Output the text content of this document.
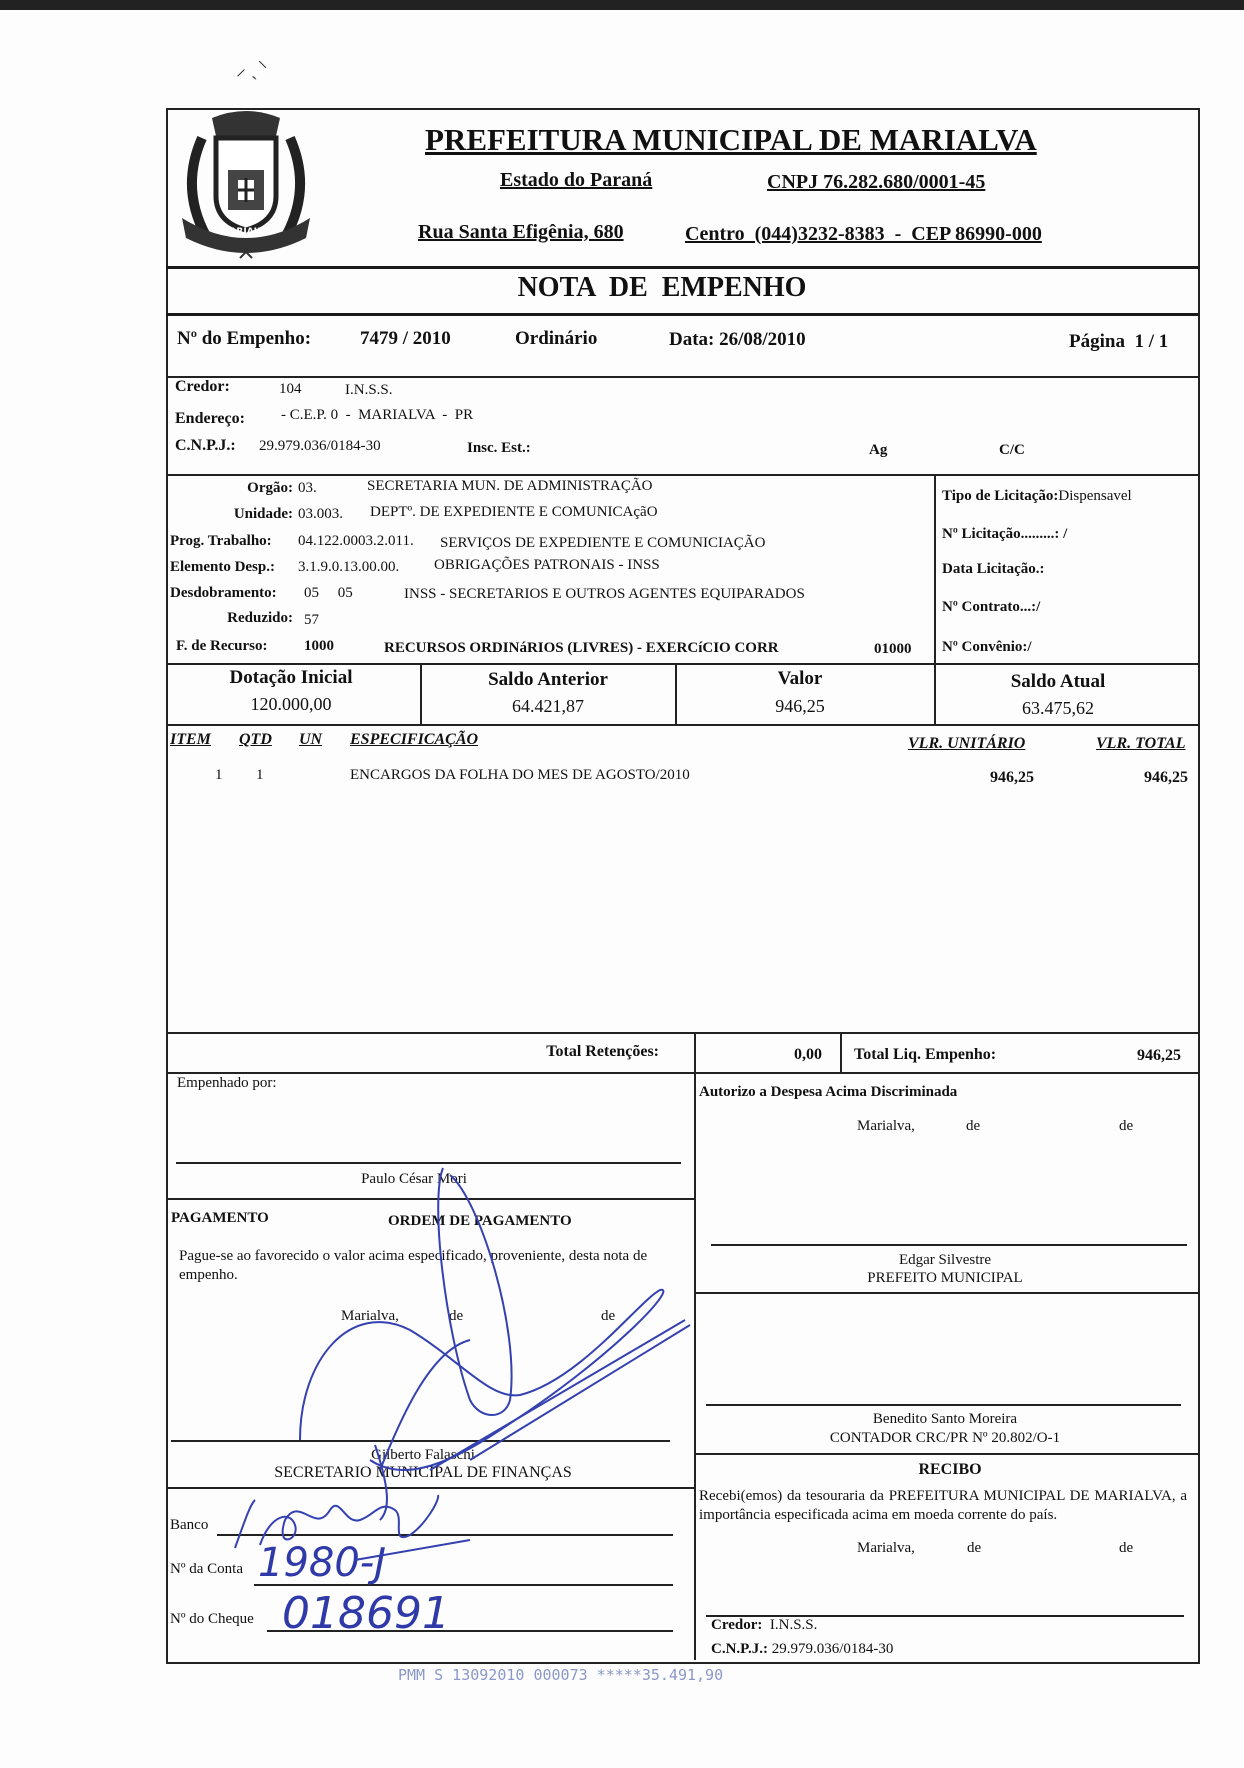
⸝ ˎ⸌
MARIALVA
PREFEITURA MUNICIPAL DE MARIALVA
Estado do Paraná	CNPJ 76.282.680/0001-45
Rua Santa Efigênia, 680	Centro  (044)3232-8383  -  CEP 86990-000
NOTA  DE  EMPENHO
Nº do Empenho:	7479 / 2010	Ordinário	Data: 26/08/2010	Página  1 / 1
Credor:	104	I.N.S.S.
Endereço: - C.E.P. 0  -  MARIALVA  -  PR
C.N.P.J.: 29.979.036/0184-30	Insc. Est.:	Ag	C/C
Orgão: 03.	SECRETARIA MUN. DE ADMINISTRAÇÃO
Unidade: 03.003. DEPTº. DE EXPEDIENTE E COMUNICAçãO
Prog. Trabalho: 04.122.0003.2.011. SERVIÇOS DE EXPEDIENTE E COMUNICIAÇÃO
Elemento Desp.: 3.1.9.0.13.00.00. OBRIGAÇÕES PATRONAIS - INSS
Desdobramento: 05     05	INSS - SECRETARIOS E OUTROS AGENTES EQUIPARADOS
Reduzido: 57
F. de Recurso: 1000	RECURSOS ORDINáRIOS (LIVRES) - EXERCíCIO CORR	01000
Tipo de Licitação:Dispensavel
Nº Licitação.........: /
Data Licitação.:
Nº Contrato...:/
Nº Convênio:/
Dotação Inicial
120.000,00
Saldo Anterior
64.421,87
Valor
946,25
Saldo Atual
63.475,62
ITEM QTD UN ESPECIFICAÇÃO	VLR. UNITÁRIO	VLR. TOTAL
1 1	ENCARGOS DA FOLHA DO MES DE AGOSTO/2010	946,25	946,25
Total Retenções:	0,00 Total Liq. Empenho:	946,25
Empenhado por:
Paulo César Mori
PAGAMENTO	ORDEM DE PAGAMENTO
Pague-se ao favorecido o valor acima especificado, proveniente, desta nota de empenho.
Marialva,	de	de
Gilberto Falaschi
SECRETARIO MUNICIPAL DE FINANÇAS
Banco
Nº da Conta 1980-J
Nº do Cheque 018691
Autorizo a Despesa Acima Discriminada
Marialva,	de	de
Edgar Silvestre
PREFEITO MUNICIPAL
Benedito Santo Moreira
CONTADOR CRC/PR Nº 20.802/O-1
RECIBO
Recebi(emos) da tesouraria da PREFEITURA MUNICIPAL DE MARIALVA, a importância especificada acima em moeda corrente do país.
Marialva,	de	de
Credor: I.N.S.S.
C.N.P.J.: 29.979.036/0184-30
PMM S 13092010 000073 *****35.491,90
